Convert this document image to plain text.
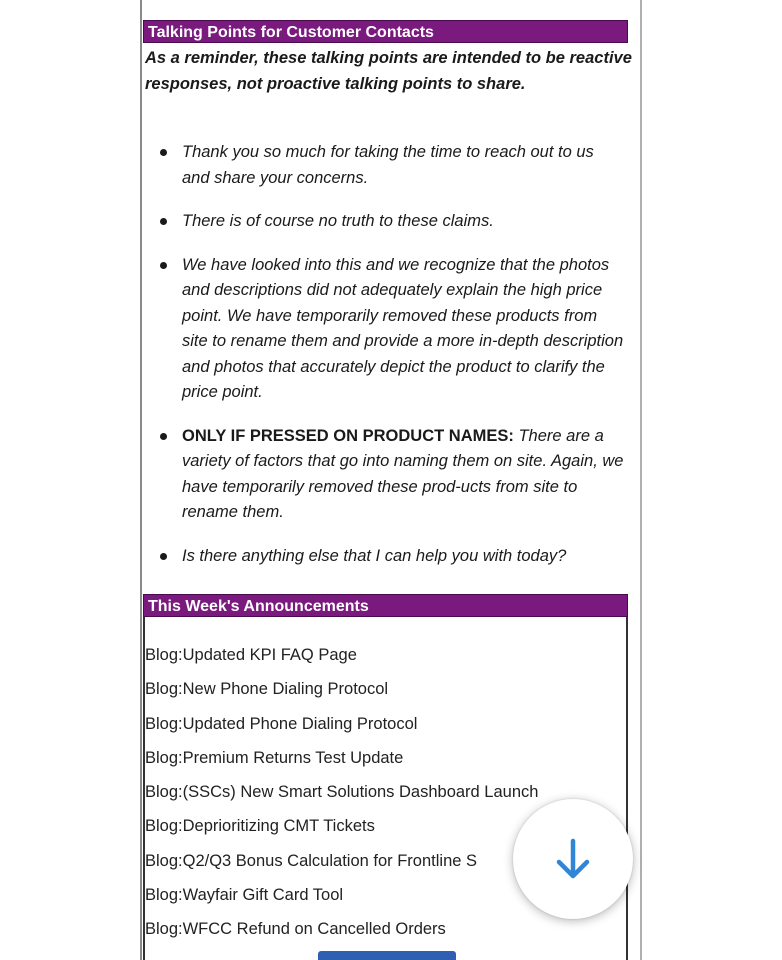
Talking Points for Customer Contacts

As a reminder, these talking points are intended to be reactive responses, not proactive talking points to share.

Thank you so much for taking the time to reach out to us and share your concerns.
There is of course no truth to these claims.
We have looked into this and we recognize that the photos and descriptions did not adequately explain the high price point. We have temporarily removed these products from site to rename them and provide a more in-depth description and photos that accurately depict the product to clarify the price point.
ONLY IF PRESSED ON PRODUCT NAMES: There are a variety of factors that go into naming them on site. Again, we have temporarily removed these prod-ucts from site to rename them.
Is there anything else that I can help you with today?
This Week's Announcements
Blog:Updated KPI FAQ Page
Blog:New Phone Dialing Protocol
Blog:Updated Phone Dialing Protocol
Blog:Premium Returns Test Update
Blog:(SSCs) New Smart Solutions Dashboard Launch
Blog:Deprioritizing CMT Tickets
Blog:Q2/Q3 Bonus Calculation for Frontline S
Blog:Wayfair Gift Card Tool
Blog:WFCC Refund on Cancelled Orders
